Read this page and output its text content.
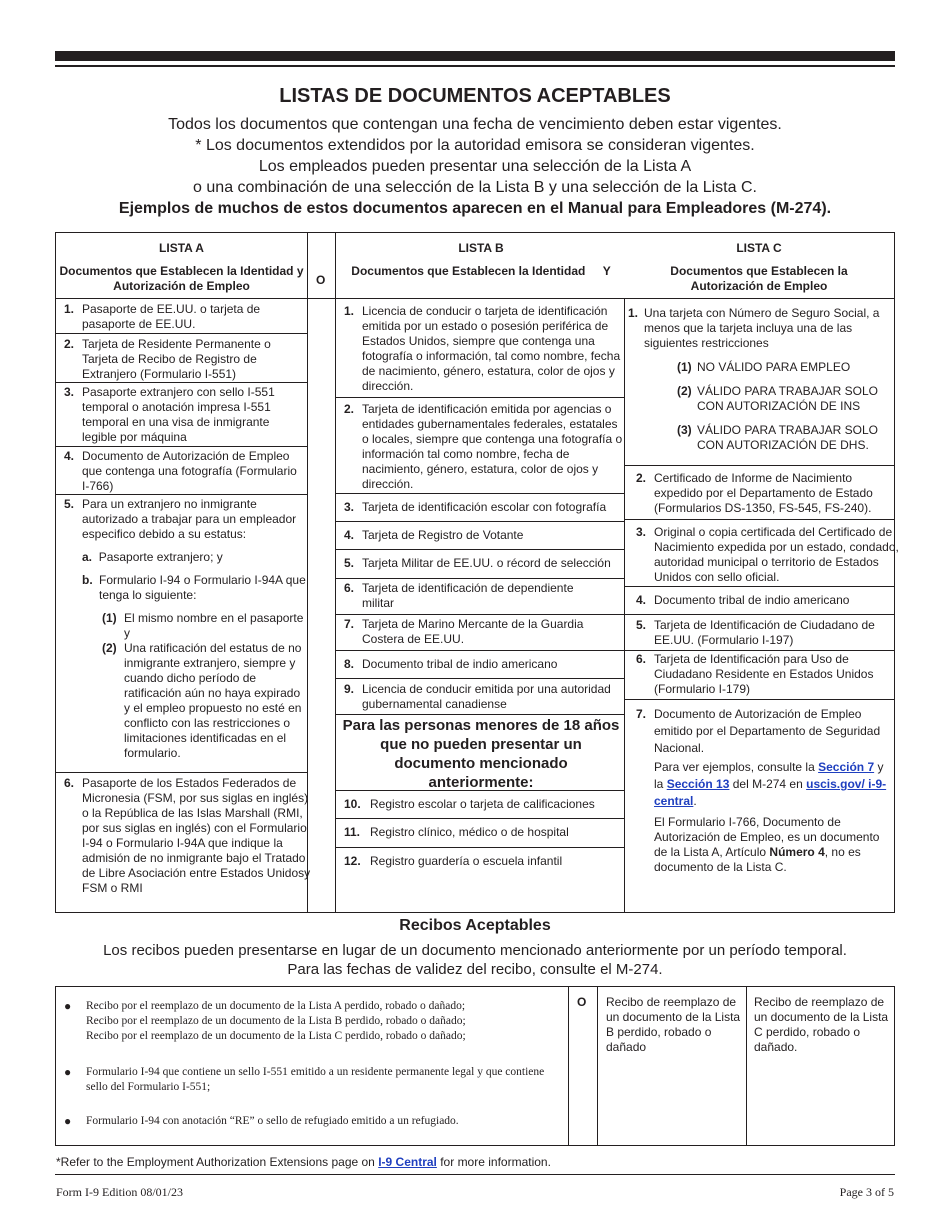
LISTAS DE DOCUMENTOS ACEPTABLES
Todos los documentos que contengan una fecha de vencimiento deben estar vigentes.
* Los documentos extendidos por la autoridad emisora se consideran vigentes.
Los empleados pueden presentar una selección de la Lista A
o una combinación de una selección de la Lista B y una selección de la Lista C.
Ejemplos de muchos de estos documentos aparecen en el Manual para Empleadores (M-274).
LISTA A
Documentos que Establecen la Identidad y Autorización de Empleo	O
LISTA B
Documentos que Establecen la Identidad Y
LISTA C
Documentos que Establecen la Autorización de Empleo
1. Pasaporte de EE.UU. o tarjeta de pasaporte de EE.UU.
2. Tarjeta de Residente Permanente o Tarjeta de Recibo de Registro de Extranjero (Formulario I-551)
3. Pasaporte extranjero con sello I-551 temporal o anotación impresa I-551 temporal en una visa de inmigrante legible por máquina
4. Documento de Autorización de Empleo que contenga una fotografía (Formulario I-766)
5. Para un extranjero no inmigrante autorizado a trabajar para un empleador especifico debido a su estatus:
a. Pasaporte extranjero; y
b. Formulario I-94 o Formulario I-94A que tenga lo siguiente:
(1) El mismo nombre en el pasaporte y
(2) Una ratificación del estatus de no inmigrante extranjero, siempre y cuando dicho período de ratificación aún no haya expirado y el empleo propuesto no esté en conflicto con las restricciones o limitaciones identificadas en el formulario.
6. Pasaporte de los Estados Federados de Micronesia (FSM, por sus siglas en inglés) o la República de las Islas Marshall (RMI, por sus siglas en inglés) con el Formulario I-94 o Formulario I-94A que indique la admisión de no inmigrante bajo el Tratado de Libre Asociación entre Estados Unidosy FSM o RMI
1. Licencia de conducir o tarjeta de identificación emitida por un estado o posesión periférica de Estados Unidos, siempre que contenga una fotografía o información, tal como nombre, fecha de nacimiento, género, estatura, color de ojos y dirección.
2. Tarjeta de identificación emitida por agencias o entidades gubernamentales federales, estatales o locales, siempre que contenga una fotografía o información tal como nombre, fecha de nacimiento, género, estatura, color de ojos y dirección.
3. Tarjeta de identificación escolar con fotografía
4. Tarjeta de Registro de Votante
5. Tarjeta Militar de EE.UU. o récord de selección
6. Tarjeta de identificación de dependiente militar
7. Tarjeta de Marino Mercante de la Guardia Costera de EE.UU.
8. Documento tribal de indio americano
9. Licencia de conducir emitida por una autoridad gubernamental canadiense
Para las personas menores de 18 años que no pueden presentar un documento mencionado anteriormente:
10. Registro escolar o tarjeta de calificaciones
11. Registro clínico, médico o de hospital
12. Registro guardería o escuela infantil
1. Una tarjeta con Número de Seguro Social, a menos que la tarjeta incluya una de las siguientes restricciones
(1) NO VÁLIDO PARA EMPLEO
(2) VÁLIDO PARA TRABAJAR SOLO CON AUTORIZACIÓN DE INS
(3) VÁLIDO PARA TRABAJAR SOLO CON AUTORIZACIÓN DE DHS.
2. Certificado de Informe de Nacimiento expedido por el Departamento de Estado (Formularios DS-1350, FS-545, FS-240).
3. Original o copia certificada del Certificado de Nacimiento expedida por un estado, condado, autoridad municipal o territorio de Estados Unidos con sello oficial.
4. Documento tribal de indio americano
5. Tarjeta de Identificación de Ciudadano de EE.UU. (Formulario I-197)
6. Tarjeta de Identificación para Uso de Ciudadano Residente en Estados Unidos (Formulario I-179)
7. Documento de Autorización de Empleo emitido por el Departamento de Seguridad Nacional.
Para ver ejemplos, consulte la Sección 7 y la Sección 13 del M-274 en uscis.gov/ i-9-central.
El Formulario I-766, Documento de Autorización de Empleo, es un documento de la Lista A, Artículo Número 4, no es documento de la Lista C.
Recibos Aceptables
Los recibos pueden presentarse en lugar de un documento mencionado anteriormente por un período temporal.
Para las fechas de validez del recibo, consulte el M-274.
● Recibo por el reemplazo de un documento de la Lista A perdido, robado o dañado;
Recibo por el reemplazo de un documento de la Lista B perdido, robado o dañado;
Recibo por el reemplazo de un documento de la Lista C perdido, robado o dañado;
● Formulario I-94 que contiene un sello I-551 emitido a un residente permanente legal y que contiene sello del Formulario I-551;
● Formulario I-94 con anotación “RE” o sello de refugiado emitido a un refugiado.
O Recibo de reemplazo de un documento de la Lista B perdido, robado o dañado
Recibo de reemplazo de un documento de la Lista C perdido, robado o dañado.
*Refer to the Employment Authorization Extensions page on I-9 Central for more information.
Form I-9 Edition 08/01/23	Page 3 of 5
